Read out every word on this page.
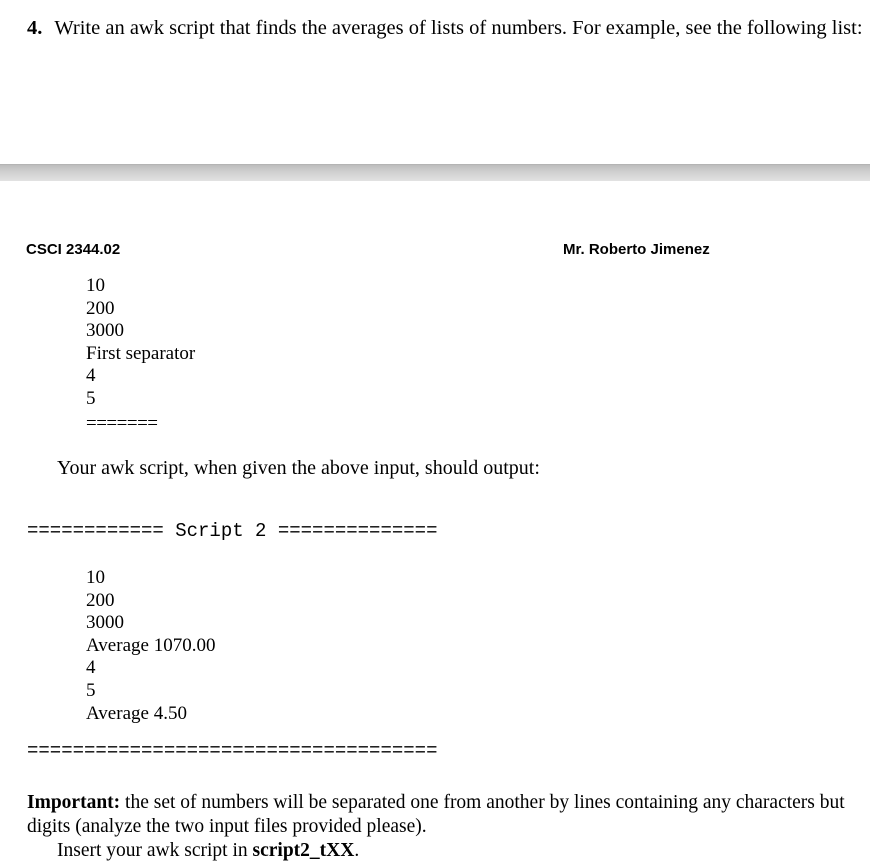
4. Write an awk script that finds the averages of lists of numbers. For example, see the following list:
CSCI 2344.02	Mr. Roberto Jimenez
10
200
3000
First separator
4
5
=======
Your awk script, when given the above input, should output:
============ Script 2 ==============
10
200
3000
Average 1070.00
4
5
Average 4.50
====================================

Important: the set of numbers will be separated one from another by lines containing any characters but digits (analyze the two input files provided please).

Insert your awk script in script2_tXX.
